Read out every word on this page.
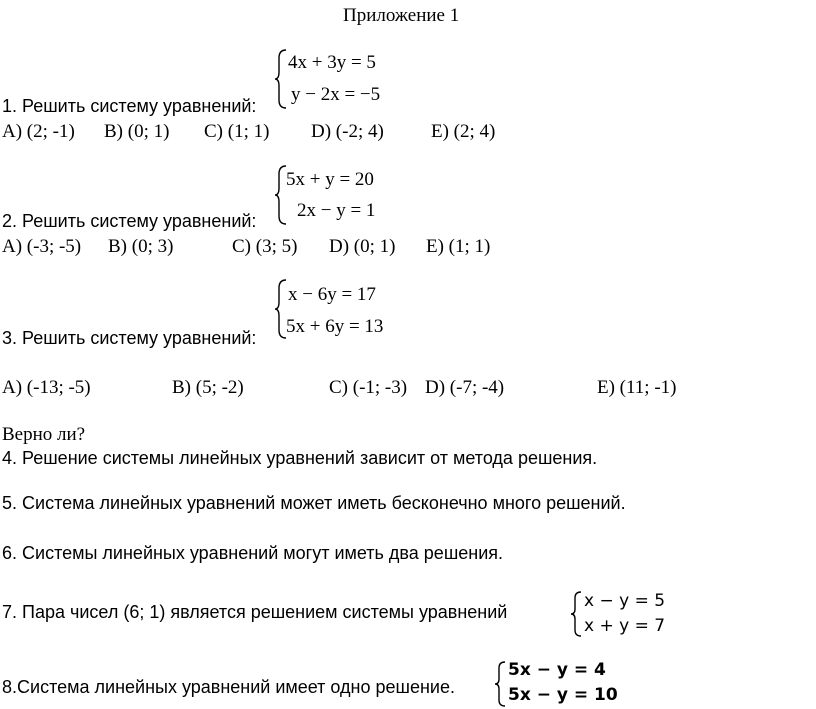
Приложение 1
4x + 3y = 5
y − 2x = −5
1. Решить систему уравнений:
A) (2; -1) B) (0; 1) C) (1; 1) D) (-2; 4) E) (2; 4)
5x + y = 20
2x − y = 1
2. Решить систему уравнений:
A) (-3; -5) B) (0; 3)	C) (3; 5) D) (0; 1) E) (1; 1)
x − 6y = 17
5x + 6y = 13
3. Решить систему уравнений:
A) (-13; -5)	B) (5; -2)	C) (-1; -3) D) (-7; -4)	E) (11; -1)
Верно ли?
4. Решение системы линейных уравнений зависит от метода решения.
5. Система линейных уравнений может иметь бесконечно много решений.
6. Системы линейных уравнений могут иметь два решения.
7. Пара чисел (6; 1) является решением системы уравнений
x − y = 5
x + y = 7
8.Система линейных уравнений имеет одно решение.
5x − y = 4
5x − y = 10
